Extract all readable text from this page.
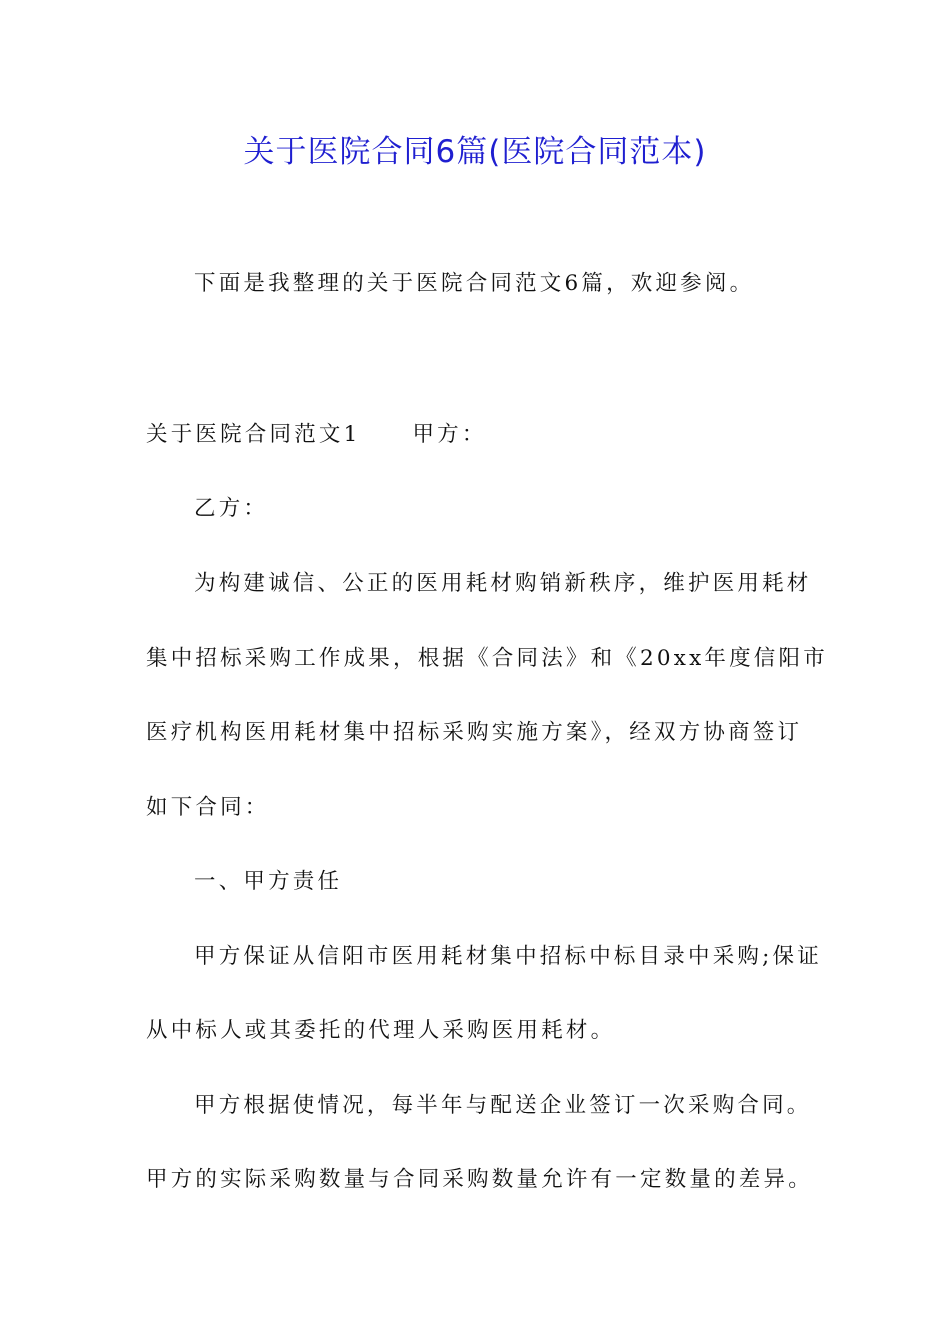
关于医院合同6篇(医院合同范本)
下面是我整理的关于医院合同范文6篇，欢迎参阅。
关于医院合同范文1 甲方：
乙方：
为构建诚信、公正的医用耗材购销新秩序，维护医用耗材
集中招标采购工作成果，根据《合同法》和《20xx年度信阳市
医疗机构医用耗材集中招标采购实施方案》，经双方协商签订
如下合同：
一、甲方责任
甲方保证从信阳市医用耗材集中招标中标目录中采购;保证
从中标人或其委托的代理人采购医用耗材。
甲方根据使情况，每半年与配送企业签订一次采购合同。
甲方的实际采购数量与合同采购数量允许有一定数量的差异。
